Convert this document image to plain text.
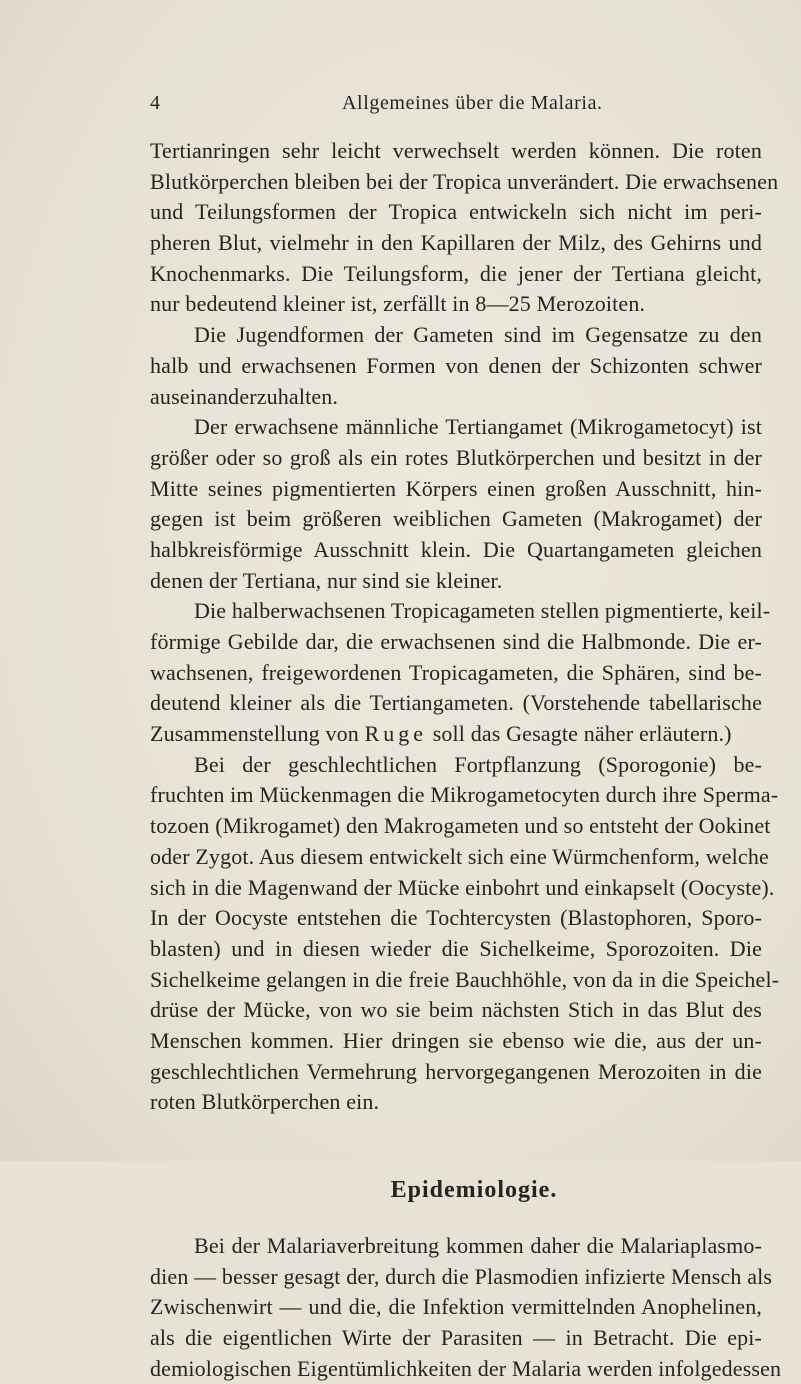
4	Allgemeines über die Malaria.
Tertianringen sehr leicht verwechselt werden können. Die roten
Blutkörperchen bleiben bei der Tropica unverändert. Die erwachsenen
und Teilungsformen der Tropica entwickeln sich nicht im peri-
pheren Blut, vielmehr in den Kapillaren der Milz, des Gehirns und
Knochenmarks. Die Teilungsform, die jener der Tertiana gleicht,
nur bedeutend kleiner ist, zerfällt in 8—25 Merozoiten.
Die Jugendformen der Gameten sind im Gegensatze zu den
halb und erwachsenen Formen von denen der Schizonten schwer
auseinanderzuhalten.
Der erwachsene männliche Tertiangamet (Mikrogametocyt) ist
größer oder so groß als ein rotes Blutkörperchen und besitzt in der
Mitte seines pigmentierten Körpers einen großen Ausschnitt, hin-
gegen ist beim größeren weiblichen Gameten (Makrogamet) der
halbkreisförmige Ausschnitt klein. Die Quartangameten gleichen
denen der Tertiana, nur sind sie kleiner.
Die halberwachsenen Tropicagameten stellen pigmentierte, keil-
förmige Gebilde dar, die erwachsenen sind die Halbmonde. Die er-
wachsenen, freigewordenen Tropicagameten, die Sphären, sind be-
deutend kleiner als die Tertiangameten. (Vorstehende tabellarische
Zusammenstellung von Ruge soll das Gesagte näher erläutern.)
Bei der geschlechtlichen Fortpflanzung (Sporogonie) be-
fruchten im Mückenmagen die Mikrogametocyten durch ihre Sperma-
tozoen (Mikrogamet) den Makrogameten und so entsteht der Ookinet
oder Zygot. Aus diesem entwickelt sich eine Würmchenform, welche
sich in die Magenwand der Mücke einbohrt und einkapselt (Oocyste).
In der Oocyste entstehen die Tochtercysten (Blastophoren, Sporo-
blasten) und in diesen wieder die Sichelkeime, Sporozoiten. Die
Sichelkeime gelangen in die freie Bauchhöhle, von da in die Speichel-
drüse der Mücke, von wo sie beim nächsten Stich in das Blut des
Menschen kommen. Hier dringen sie ebenso wie die, aus der un-
geschlechtlichen Vermehrung hervorgegangenen Merozoiten in die
roten Blutkörperchen ein.
Epidemiologie.
Bei der Malariaverbreitung kommen daher die Malariaplasmo-
dien — besser gesagt der, durch die Plasmodien infizierte Mensch als
Zwischenwirt — und die, die Infektion vermittelnden Anophelinen,
als die eigentlichen Wirte der Parasiten — in Betracht. Die epi-
demiologischen Eigentümlichkeiten der Malaria werden infolgedessen
